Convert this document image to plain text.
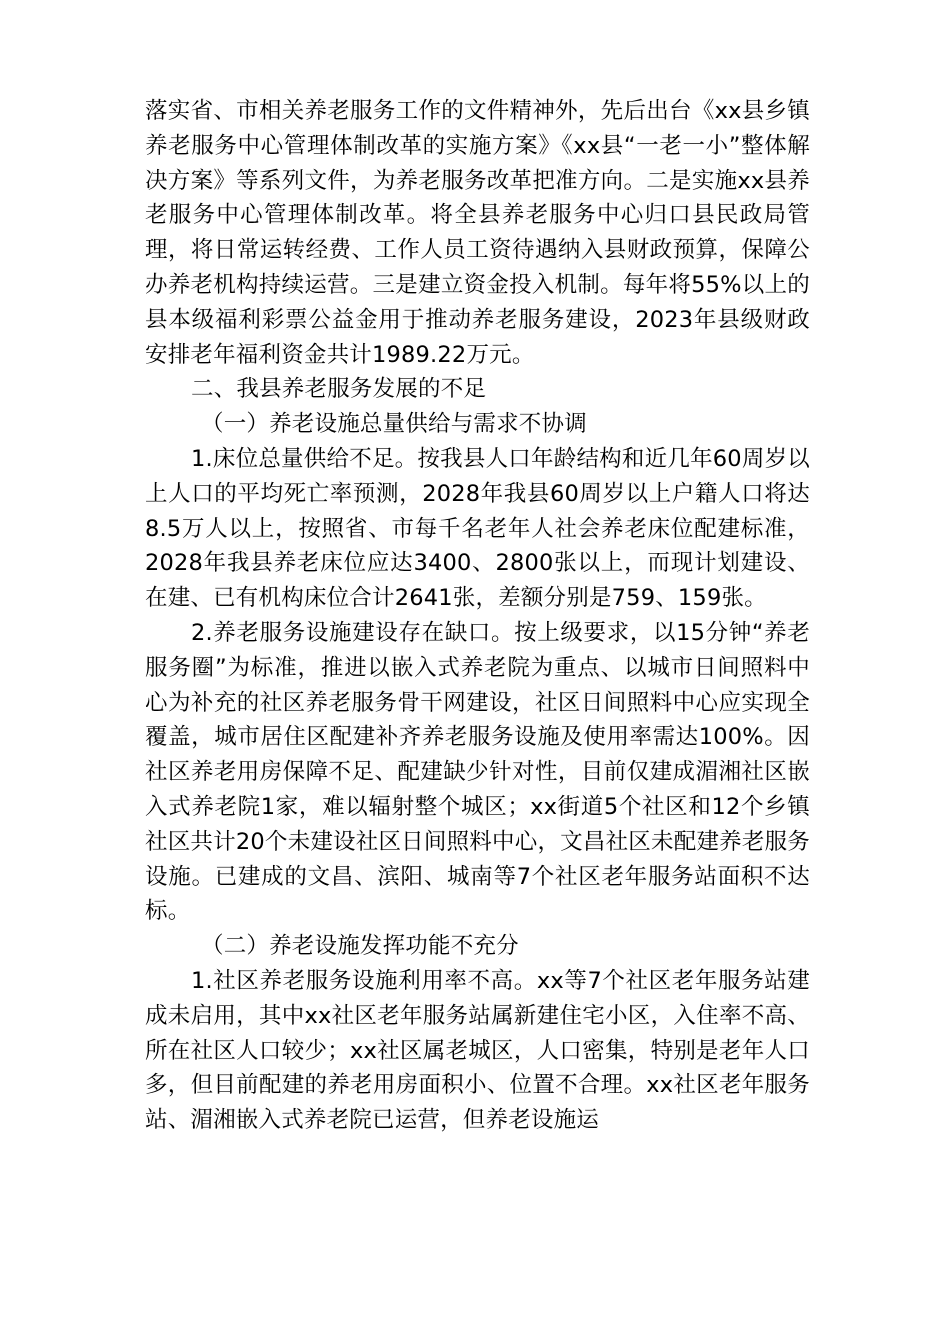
落实省、市相关养老服务工作的文件精神外，先后出台《xx县乡镇养老服务中心管理体制改革的实施方案》《xx县“一老一小”整体解决方案》等系列文件，为养老服务改革把准方向。二是实施xx县养老服务中心管理体制改革。将全县养老服务中心归口县民政局管理，将日常运转经费、工作人员工资待遇纳入县财政预算，保障公办养老机构持续运营。三是建立资金投入机制。每年将55%以上的县本级福利彩票公益金用于推动养老服务建设，2023年县级财政安排老年福利资金共计1989.22万元。

二、我县养老服务发展的不足

（一）养老设施总量供给与需求不协调

1.床位总量供给不足。按我县人口年龄结构和近几年60周岁以上人口的平均死亡率预测，2028年我县60周岁以上户籍人口将达8.5万人以上，按照省、市每千名老年人社会养老床位配建标准，2028年我县养老床位应达3400、2800张以上，而现计划建设、在建、已有机构床位合计2641张，差额分别是759、159张。

2.养老服务设施建设存在缺口。按上级要求，以15分钟“养老服务圈”为标准，推进以嵌入式养老院为重点、以城市日间照料中心为补充的社区养老服务骨干网建设，社区日间照料中心应实现全覆盖，城市居住区配建补齐养老服务设施及使用率需达100%。因社区养老用房保障不足、配建缺少针对性，目前仅建成湄湘社区嵌入式养老院1家，难以辐射整个城区；xx街道5个社区和12个乡镇社区共计20个未建设社区日间照料中心，文昌社区未配建养老服务设施。已建成的文昌、滨阳、城南等7个社区老年服务站面积不达标。

（二）养老设施发挥功能不充分

1.社区养老服务设施利用率不高。xx等7个社区老年服务站建成未启用，其中xx社区老年服务站属新建住宅小区，入住率不高、所在社区人口较少；xx社区属老城区，人口密集，特别是老年人口多，但目前配建的养老用房面积小、位置不合理。xx社区老年服务站、湄湘嵌入式养老院已运营，但养老设施运
